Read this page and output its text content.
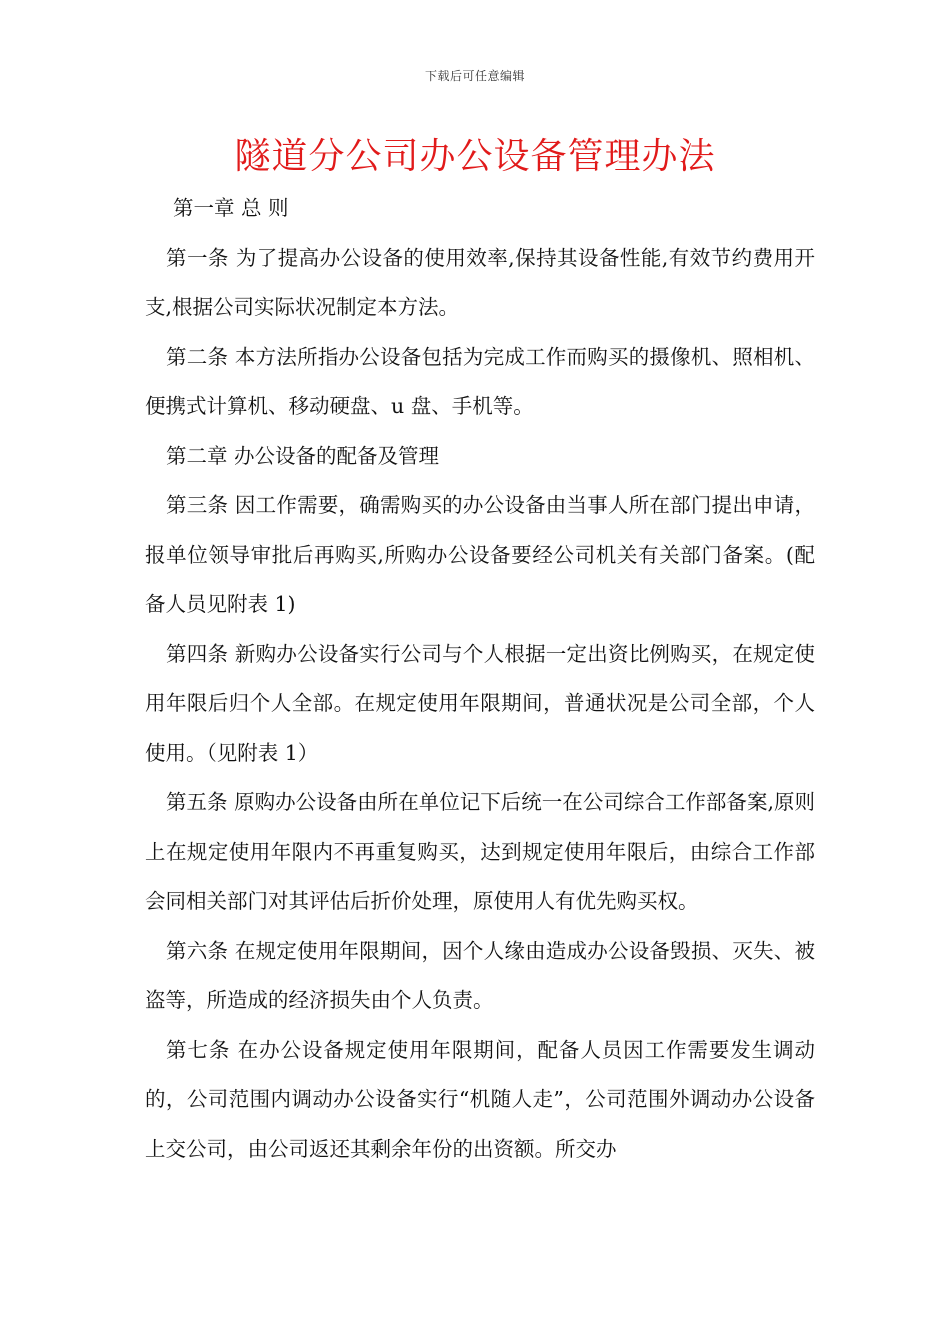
下载后可任意编辑
隧道分公司办公设备管理办法

第一章 总 则

第一条 为了提高办公设备的使用效率,保持其设备性能,有效节约费用开支,根据公司实际状况制定本方法。

第二条 本方法所指办公设备包括为完成工作而购买的摄像机、照相机、便携式计算机、移动硬盘、u 盘、手机等。

第二章 办公设备的配备及管理

第三条 因工作需要，确需购买的办公设备由当事人所在部门提出申请，报单位领导审批后再购买,所购办公设备要经公司机关有关部门备案。(配备人员见附表 1)

第四条 新购办公设备实行公司与个人根据一定出资比例购买，在规定使用年限后归个人全部。在规定使用年限期间，普通状况是公司全部，个人使用。（见附表 1）

第五条 原购办公设备由所在单位记下后统一在公司综合工作部备案,原则上在规定使用年限内不再重复购买，达到规定使用年限后，由综合工作部会同相关部门对其评估后折价处理，原使用人有优先购买权。

第六条 在规定使用年限期间，因个人缘由造成办公设备毁损、灭失、被盗等，所造成的经济损失由个人负责。

第七条 在办公设备规定使用年限期间，配备人员因工作需要发生调动的，公司范围内调动办公设备实行“机随人走”，公司范围外调动办公设备上交公司，由公司返还其剩余年份的出资额。所交办
